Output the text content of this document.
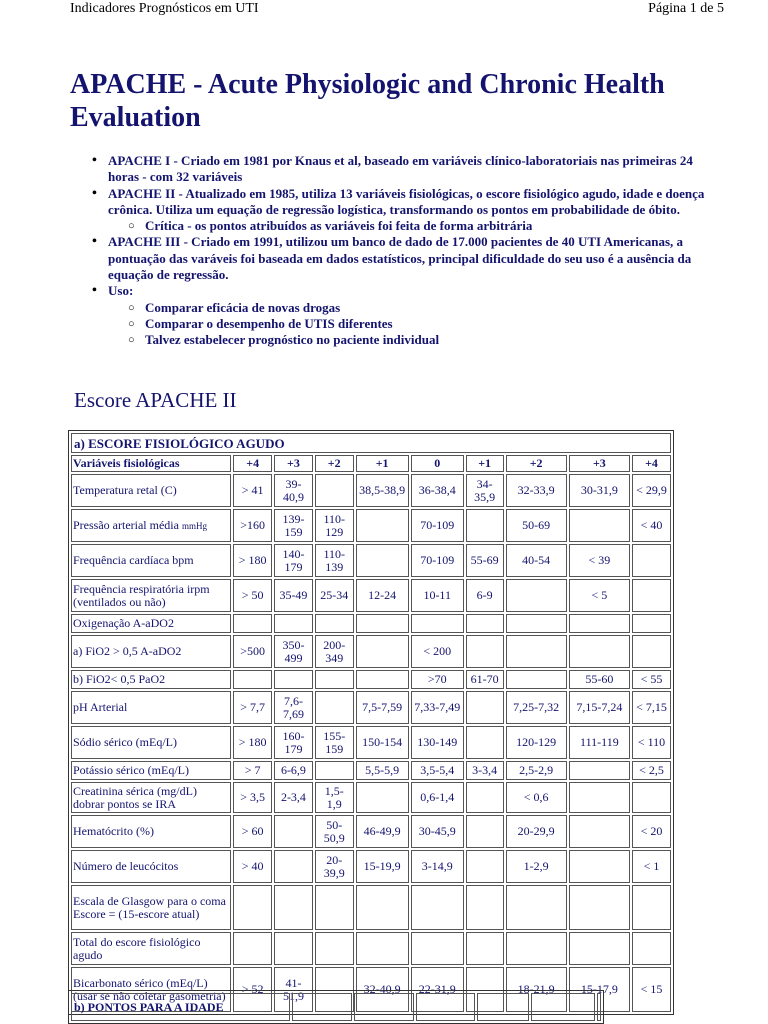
Indicadores Prognósticos em UTI	Página 1 de 5
APACHE - Acute Physiologic and Chronic Health Evaluation
• APACHE I - Criado em 1981 por Knaus et al, baseado em variáveis clínico-laboratoriais nas primeiras 24 horas - com 32 variáveis
• APACHE II - Atualizado em 1985, utiliza 13 variáveis fisiológicas, o escore fisiológico agudo, idade e doença crônica. Utiliza um equação de regressão logística, transformando os pontos em probabilidade de óbito.
○ Crítica - os pontos atribuídos as variáveis foi feita de forma arbitrária
• APACHE III - Criado em 1991, utilizou um banco de dado de 17.000 pacientes de 40 UTI Americanas, a pontuação das varáveis foi baseada em dados estatísticos, principal dificuldade do seu uso é a ausência da equação de regressão.
• Uso:
○ Comparar eficácia de novas drogas
○ Comparar o desempenho de UTIS diferentes
○ Talvez estabelecer prognóstico no paciente individual
Escore APACHE II
a) ESCORE FISIOLÓGICO AGUDO									
Variáveis fisiológicas	+4	+3	+2	+1	0	+1	+2	+3	+4
Temperatura retal (C)	> 41	39-40,9		38,5-38,9	36-38,4	34-35,9	32-33,9	30-31,9	< 29,9
Pressão arterial média mmHg	>160	139-159	110-129		70-109		50-69		< 40
Frequência cardíaca bpm	> 180	140-179	110-139		70-109	55-69	40-54	< 39	
Frequência respiratória irpm (ventilados ou não)	> 50	35-49	25-34	12-24	10-11	6-9		< 5	
Oxigenação A-aDO2									
a) FiO2 > 0,5 A-aDO2	>500	350-499	200-349		< 200				
b) FiO2< 0,5 PaO2					>70	61-70		55-60	< 55
pH Arterial	> 7,7	7,6-7,69		7,5-7,59	7,33-7,49		7,25-7,32	7,15-7,24	< 7,15
Sódio sérico (mEq/L)	> 180	160-179	155-159	150-154	130-149		120-129	111-119	< 110
Potássio sérico (mEq/L)	> 7	6-6,9		5,5-5,9	3,5-5,4	3-3,4	2,5-2,9		< 2,5
Creatinina sérica (mg/dL) dobrar pontos se IRA	> 3,5	2-3,4	1,5-1,9		0,6-1,4		< 0,6		
Hematócrito (%)	> 60		50-50,9	46-49,9	30-45,9		20-29,9		< 20
Número de leucócitos	> 40		20-39,9	15-19,9	3-14,9		1-2,9		< 1
Escala de Glasgow para o coma Escore = (15-escore atual)									
Total do escore fisiológico agudo									
Bicarbonato sérico (mEq/L) (usar se não coletar gasometria)	> 52	41-51,9		32-40,9	22-31,9		18-21,9	15-17,9	< 15
b) PONTOS PARA A IDADE						
